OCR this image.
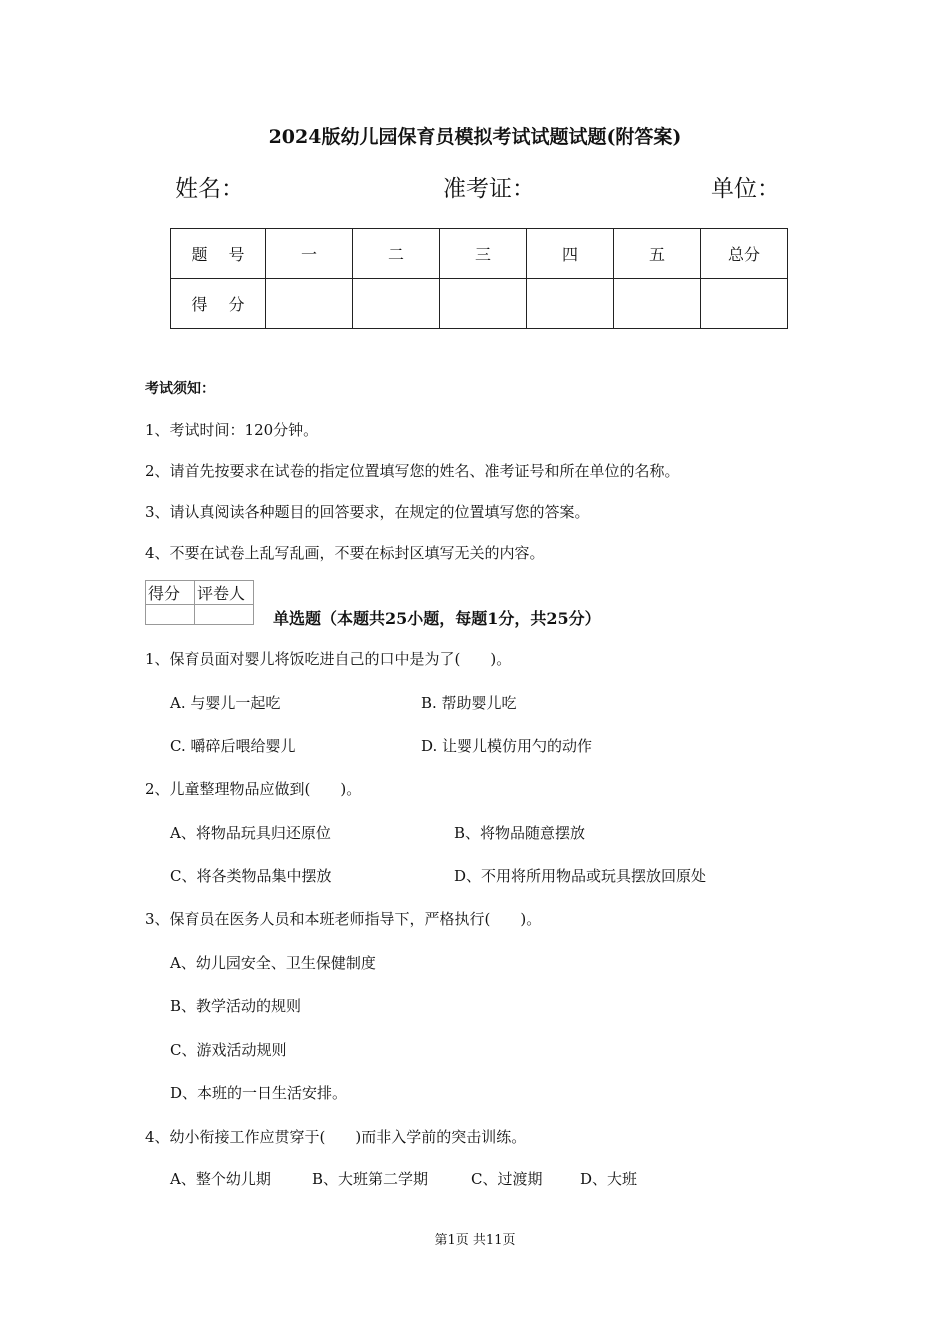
2024版幼儿园保育员模拟考试试题试题(附答案)
姓名：	准考证：	单位：
题 号	一	二	三	四	五	总分
得 分						
考试须知：
1、考试时间：120分钟。
2、请首先按要求在试卷的指定位置填写您的姓名、准考证号和所在单位的名称。
3、请认真阅读各种题目的回答要求，在规定的位置填写您的答案。
4、不要在试卷上乱写乱画，不要在标封区填写无关的内容。
得分	评卷人

单选题（本题共25小题，每题1分，共25分）
1、保育员面对婴儿将饭吃进自己的口中是为了(　　)。
A. 与婴儿一起吃	B. 帮助婴儿吃
C. 嚼碎后喂给婴儿	D. 让婴儿模仿用勺的动作
2、儿童整理物品应做到(　　)。
A、将物品玩具归还原位	B、将物品随意摆放
C、将各类物品集中摆放	D、不用将所用物品或玩具摆放回原处
3、保育员在医务人员和本班老师指导下，严格执行(　　)。
A、幼儿园安全、卫生保健制度
B、教学活动的规则
C、游戏活动规则
D、本班的一日生活安排。
4、幼小衔接工作应贯穿于(　　)而非入学前的突击训练。
A、整个幼儿期	B、大班第二学期	C、过渡期	D、大班
第1页 共11页
